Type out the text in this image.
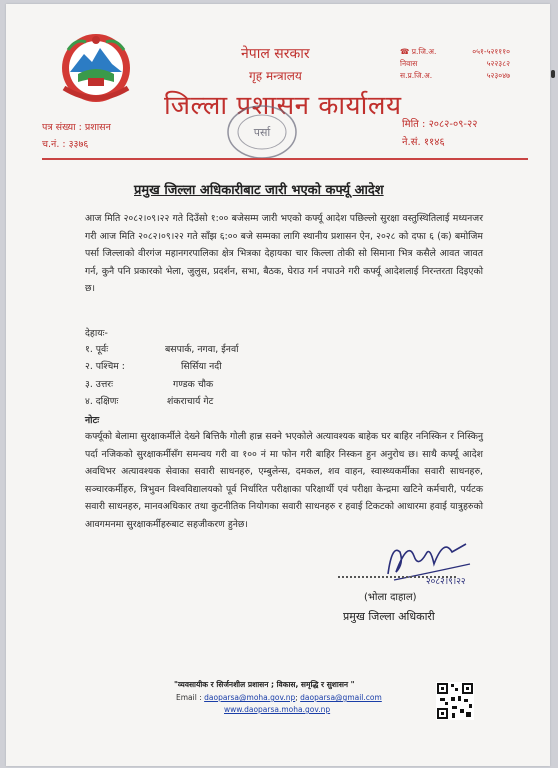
नेपाल सरकार
गृह मन्त्रालय
जिल्ला प्रशासन कार्यालय
☎ प्र.जि.अ.	०५१-५२१११०
निवास	५२२३८२
स.प्र.जि.अ.	५२३०४७
पत्र संख्या : प्रशासन
च.नं. : ३३७६
पर्सा
मिति : २०८२-०९-२२
ने.सं. ११४६
प्रमुख जिल्ला अधिकारीबाट जारी भएको कर्फ्यू आदेश
आज मिति २०८२।०९।२२ गते दिउँसो १:०० बजेसम्म जारी भएको कर्फ्यू आदेश पछिल्लो सुरक्षा वस्तुस्थितिलाई मध्यनजर गरी आज मिति २०८२।०९।२२ गते साँझ ६:०० बजे सम्मका लागि स्थानीय प्रशासन ऐन, २०२८ को दफा ६ (क) बमोजिम पर्सा जिल्लाको वीरगंज महानगरपालिका क्षेत्र भित्रका देहायका चार किल्ला तोकी सो सिमाना भित्र कसैले आवत जावत गर्न, कुनै पनि प्रकारको भेला, जुलुस, प्रदर्शन, सभा, बैठक, घेराउ गर्न नपाउने गरी कर्फ्यू आदेशलाई निरन्तरता दिइएको छ।
देहायः-
१. पूर्वः	बसपार्क, नगवा, ईनर्वा
२. पश्चिम :	सिर्सिया नदी
३. उत्तरः	गण्डक चौक
४. दक्षिणः	शंकराचार्य गेट
नोटः
कर्फ्यूको बेलामा सुरक्षाकर्मीले देख्ने बित्तिकै गोली हान्न सक्ने भएकोले अत्यावश्यक बाहेक घर बाहिर ननिस्किन र निस्किनु पर्दा नजिकको सुरक्षाकर्मीसँग समन्वय गरी वा १०० नं मा फोन गरी बाहिर निस्कन हुन अनुरोध छ। साथै कर्फ्यू आदेश अवधिभर अत्यावश्यक सेवाका सवारी साधनहरु, एम्बुलेन्स, दमकल, शव वाहन, स्वास्थ्यकर्मीका सवारी साधनहरु, सञ्चारकर्मीहरु, त्रिभुवन विश्वविद्यालयको पूर्व निर्धारित परीक्षाका परिक्षार्थी एवं परीक्षा केन्द्रमा खटिने कर्मचारी, पर्यटक सवारी साधनहरु, मानवअधिकार तथा कुटनीतिक नियोगका सवारी साधनहरु र हवाई टिकटको आधारमा हवाई यात्रुहरुको आवगमनमा सुरक्षाकर्मीहरुबाट सहजीकरण हुनेछ।
२०८२।९।२२
(भोला दाहाल)
प्रमुख जिल्ला अधिकारी
"व्यवसायीक र सिर्जनशील प्रशासन ; विकास, समृद्धि र सुशासन "
Email : daoparsa@moha.gov.np; daoparsa@gmail.com
www.daoparsa.moha.gov.np
